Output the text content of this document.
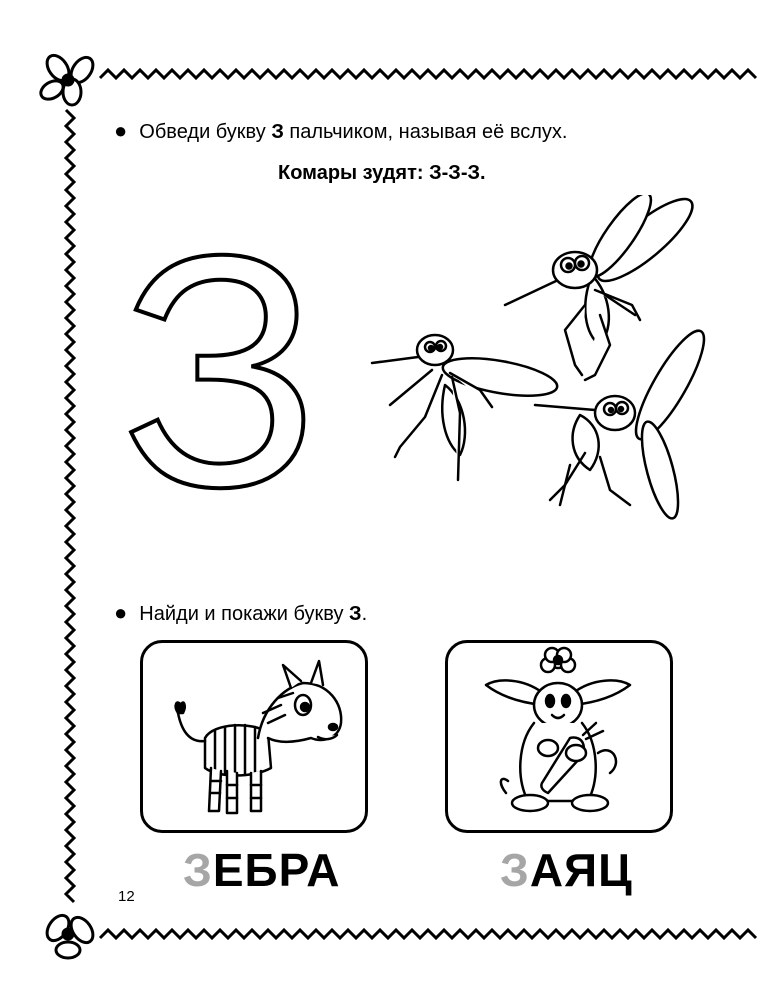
● Обведи букву З пальчиком, называя её вслух.
Комары зудят: З-З-З.
З
● Найди и покажи букву З.
ЗЕБРА	ЗАЯЦ
12
